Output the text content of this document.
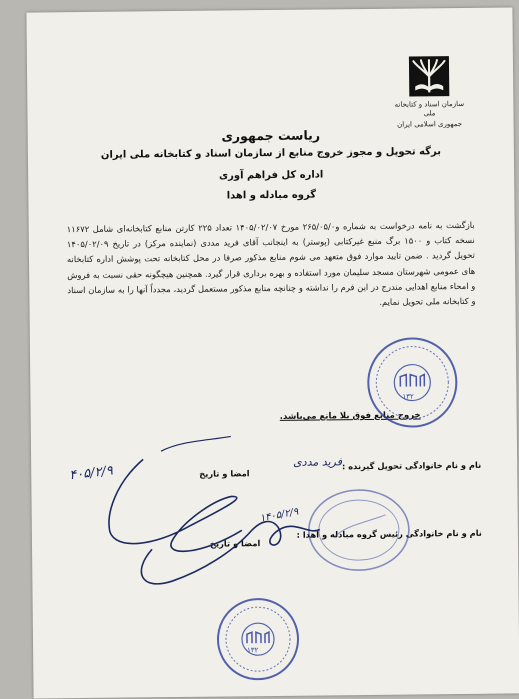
سازمان اسناد و کتابخانه ملی
جمهوری اسلامی ایران
ریاست جمهوری
برگه تحویل و مجوز خروج منابع از سازمان اسناد و کتابخانه ملی ایران
اداره کل فراهم آوری
گروه مبادله و اهدا
بازگشت به نامه درخواست به شماره و۲۶۵/۰۵/۰ مورخ ۱۴۰۵/۰۲/۰۷ تعداد ۲۲۵ کارتن منابع کتابخانه‌ای شامل ۱۱۶۷۲ نسخه کتاب و ۱۵۰۰ برگ منبع غیرکتابی (پوستر) به اینجانب آقای فرید مددی (نماینده مرکز) در تاریخ ۱۴۰۵/۰۲/۰۹ تحویل گردید . ضمن تایید موارد فوق متعهد می شوم منابع مذکور صرفا در محل کتابخانه تحت پوشش اداره کتابخانه های عمومی شهرستان مسجد سلیمان مورد استفاده و بهره برداری قرار گیرد. همچنین هیچگونه حقی نسبت به فروش و امحاء منابع اهدایی مندرج در این فرم را نداشته و چنانچه منابع مذکور مستعمل گردید، مجدداً آنها را به سازمان اسناد و کتابخانه ملی تحویل نمایم.
خروج منابع فوق بلا مانع می‌باشد.
نام و نام خانوادگی تحویل گیرنده :
فرید مددی
امضا و تاریخ
۴۰۵/۲/۹
نام و نام خانوادگی رئیس گروه مبادله و اهدا :
امضا و تاریخ
۱۴۰۵/۲/۹
۱۳۲
۱۳۲
